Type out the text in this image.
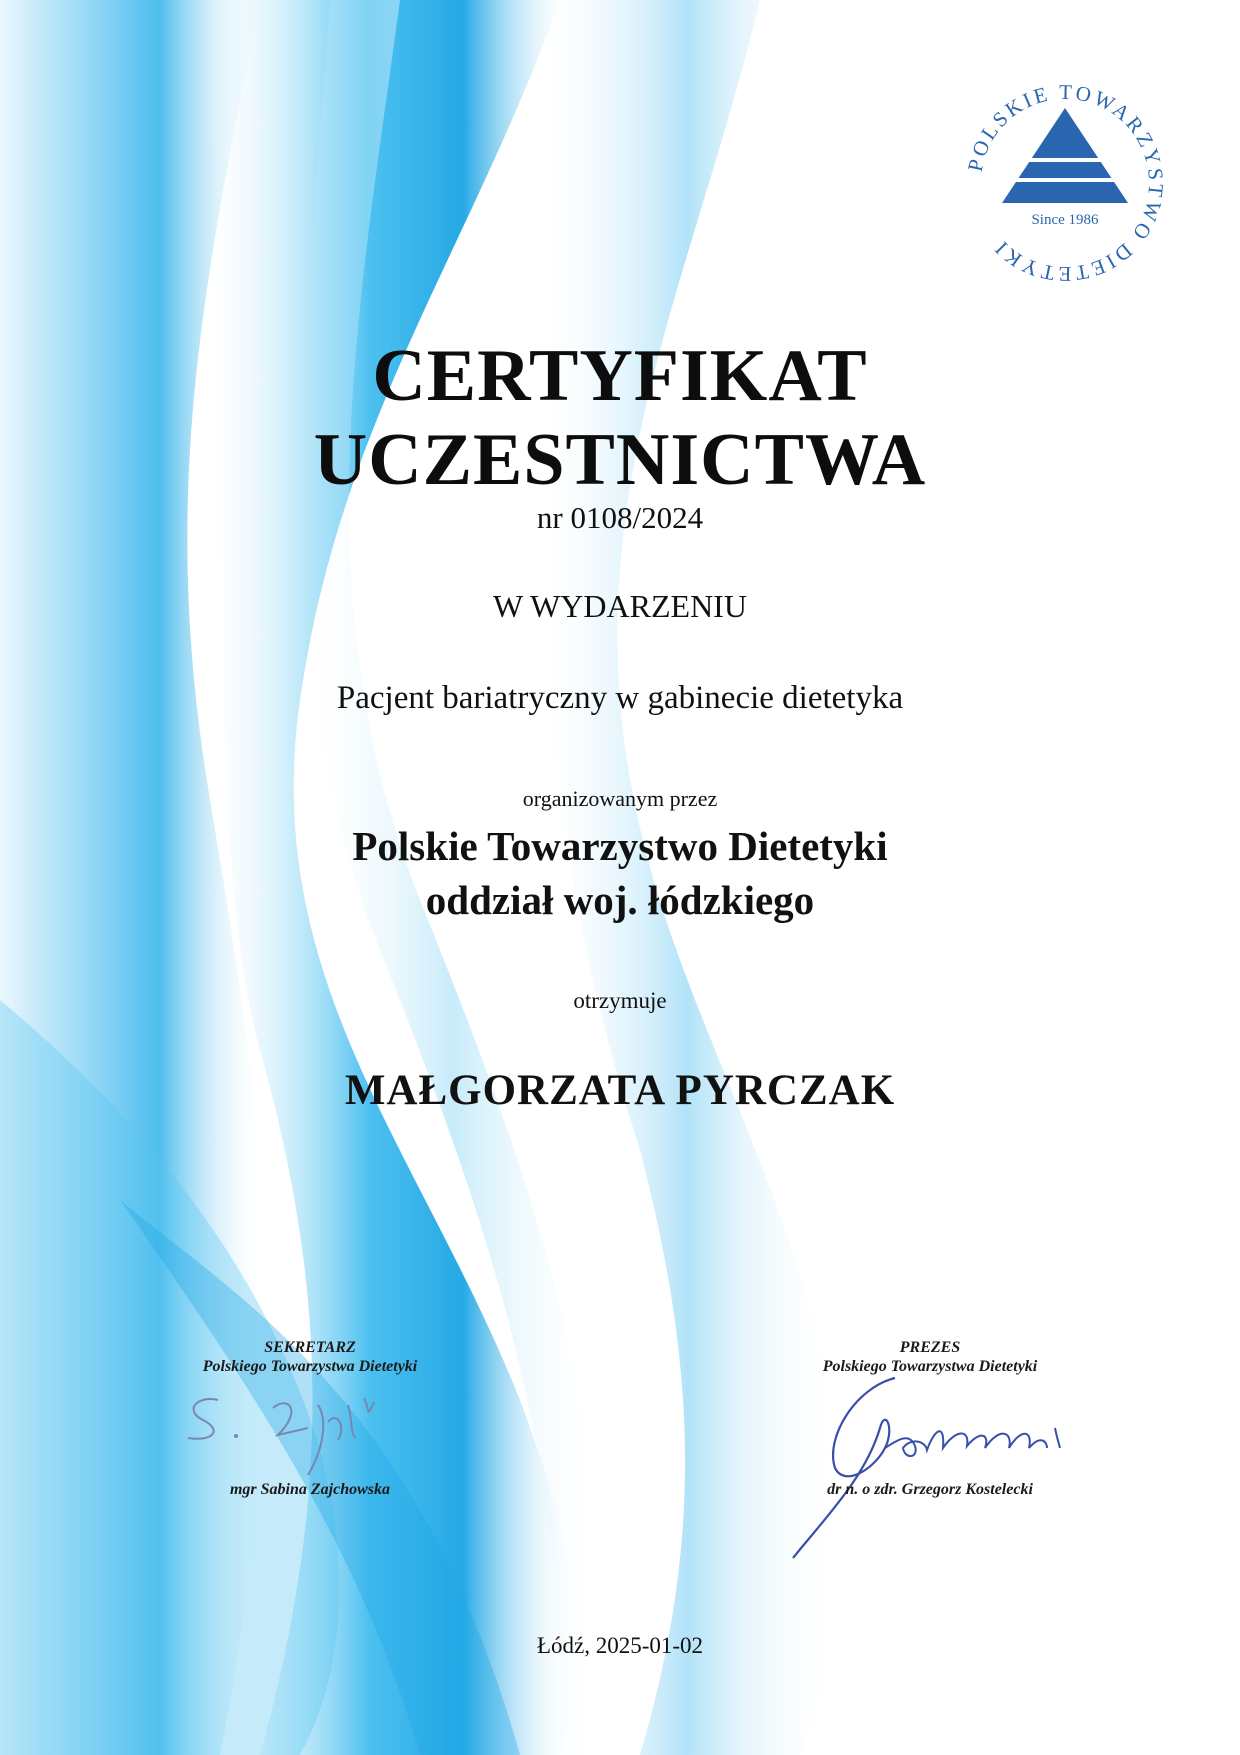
Since 1986
POLSKIE TOWARZYSTWO DIETETYKI
CERTYFIKAT
UCZESTNICTWA
nr 0108/2024
W WYDARZENIU
Pacjent bariatryczny w gabinecie dietetyka
organizowanym przez
Polskie Towarzystwo Dietetyki
oddział woj. łódzkiego
otrzymuje
MAŁGORZATA PYRCZAK
SEKRETARZ
Polskiego Towarzystwa Dietetyki
mgr Sabina Zajchowska
PREZES
Polskiego Towarzystwa Dietetyki
dr n. o zdr. Grzegorz Kostelecki
Łódź, 2025-01-02
